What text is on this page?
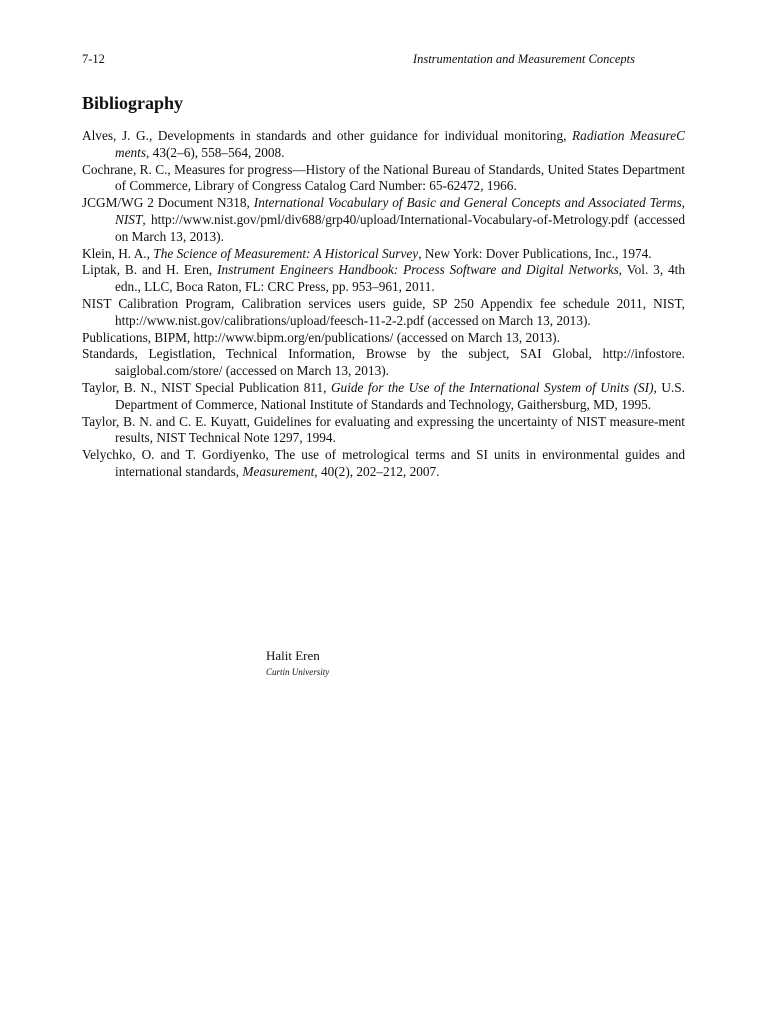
7-12	Instrumentation and Measurement Concepts
Bibliography
Alves, J. G., Developments in standards and other guidance for individual monitoring, Radiation MeasureC ments, 43(2–6), 558–564, 2008.
Cochrane, R. C., Measures for progress—History of the National Bureau of Standards, United States Department of Commerce, Library of Congress Catalog Card Number: 65-62472, 1966.
JCGM/WG 2 Document N318, International Vocabulary of Basic and General Concepts and Associated Terms, NIST, http://www.nist.gov/pml/div688/grp40/upload/International-Vocabulary-of-Metrology.pdf (accessed on March 13, 2013).
Klein, H. A., The Science of Measurement: A Historical Survey, New York: Dover Publications, Inc., 1974.
Liptak, B. and H. Eren, Instrument Engineers Handbook: Process Software and Digital Networks, Vol. 3, 4th edn., LLC, Boca Raton, FL: CRC Press, pp. 953–961, 2011.
NIST Calibration Program, Calibration services users guide, SP 250 Appendix fee schedule 2011, NIST, http://www.nist.gov/calibrations/upload/feesch-11-2-2.pdf (accessed on March 13, 2013).
Publications, BIPM, http://www.bipm.org/en/publications/ (accessed on March 13, 2013).
Standards, Legistlation, Technical Information, Browse by the subject, SAI Global, http://infostore. saiglobal.com/store/ (accessed on March 13, 2013).
Taylor, B. N., NIST Special Publication 811, Guide for the Use of the International System of Units (SI), U.S. Department of Commerce, National Institute of Standards and Technology, Gaithersburg, MD, 1995.
Taylor, B. N. and C. E. Kuyatt, Guidelines for evaluating and expressing the uncertainty of NIST measure-ment results, NIST Technical Note 1297, 1994.
Velychko, O. and T. Gordiyenko, The use of metrological terms and SI units in environmental guides and international standards, Measurement, 40(2), 202–212, 2007.
Halit Eren
Curtin University
